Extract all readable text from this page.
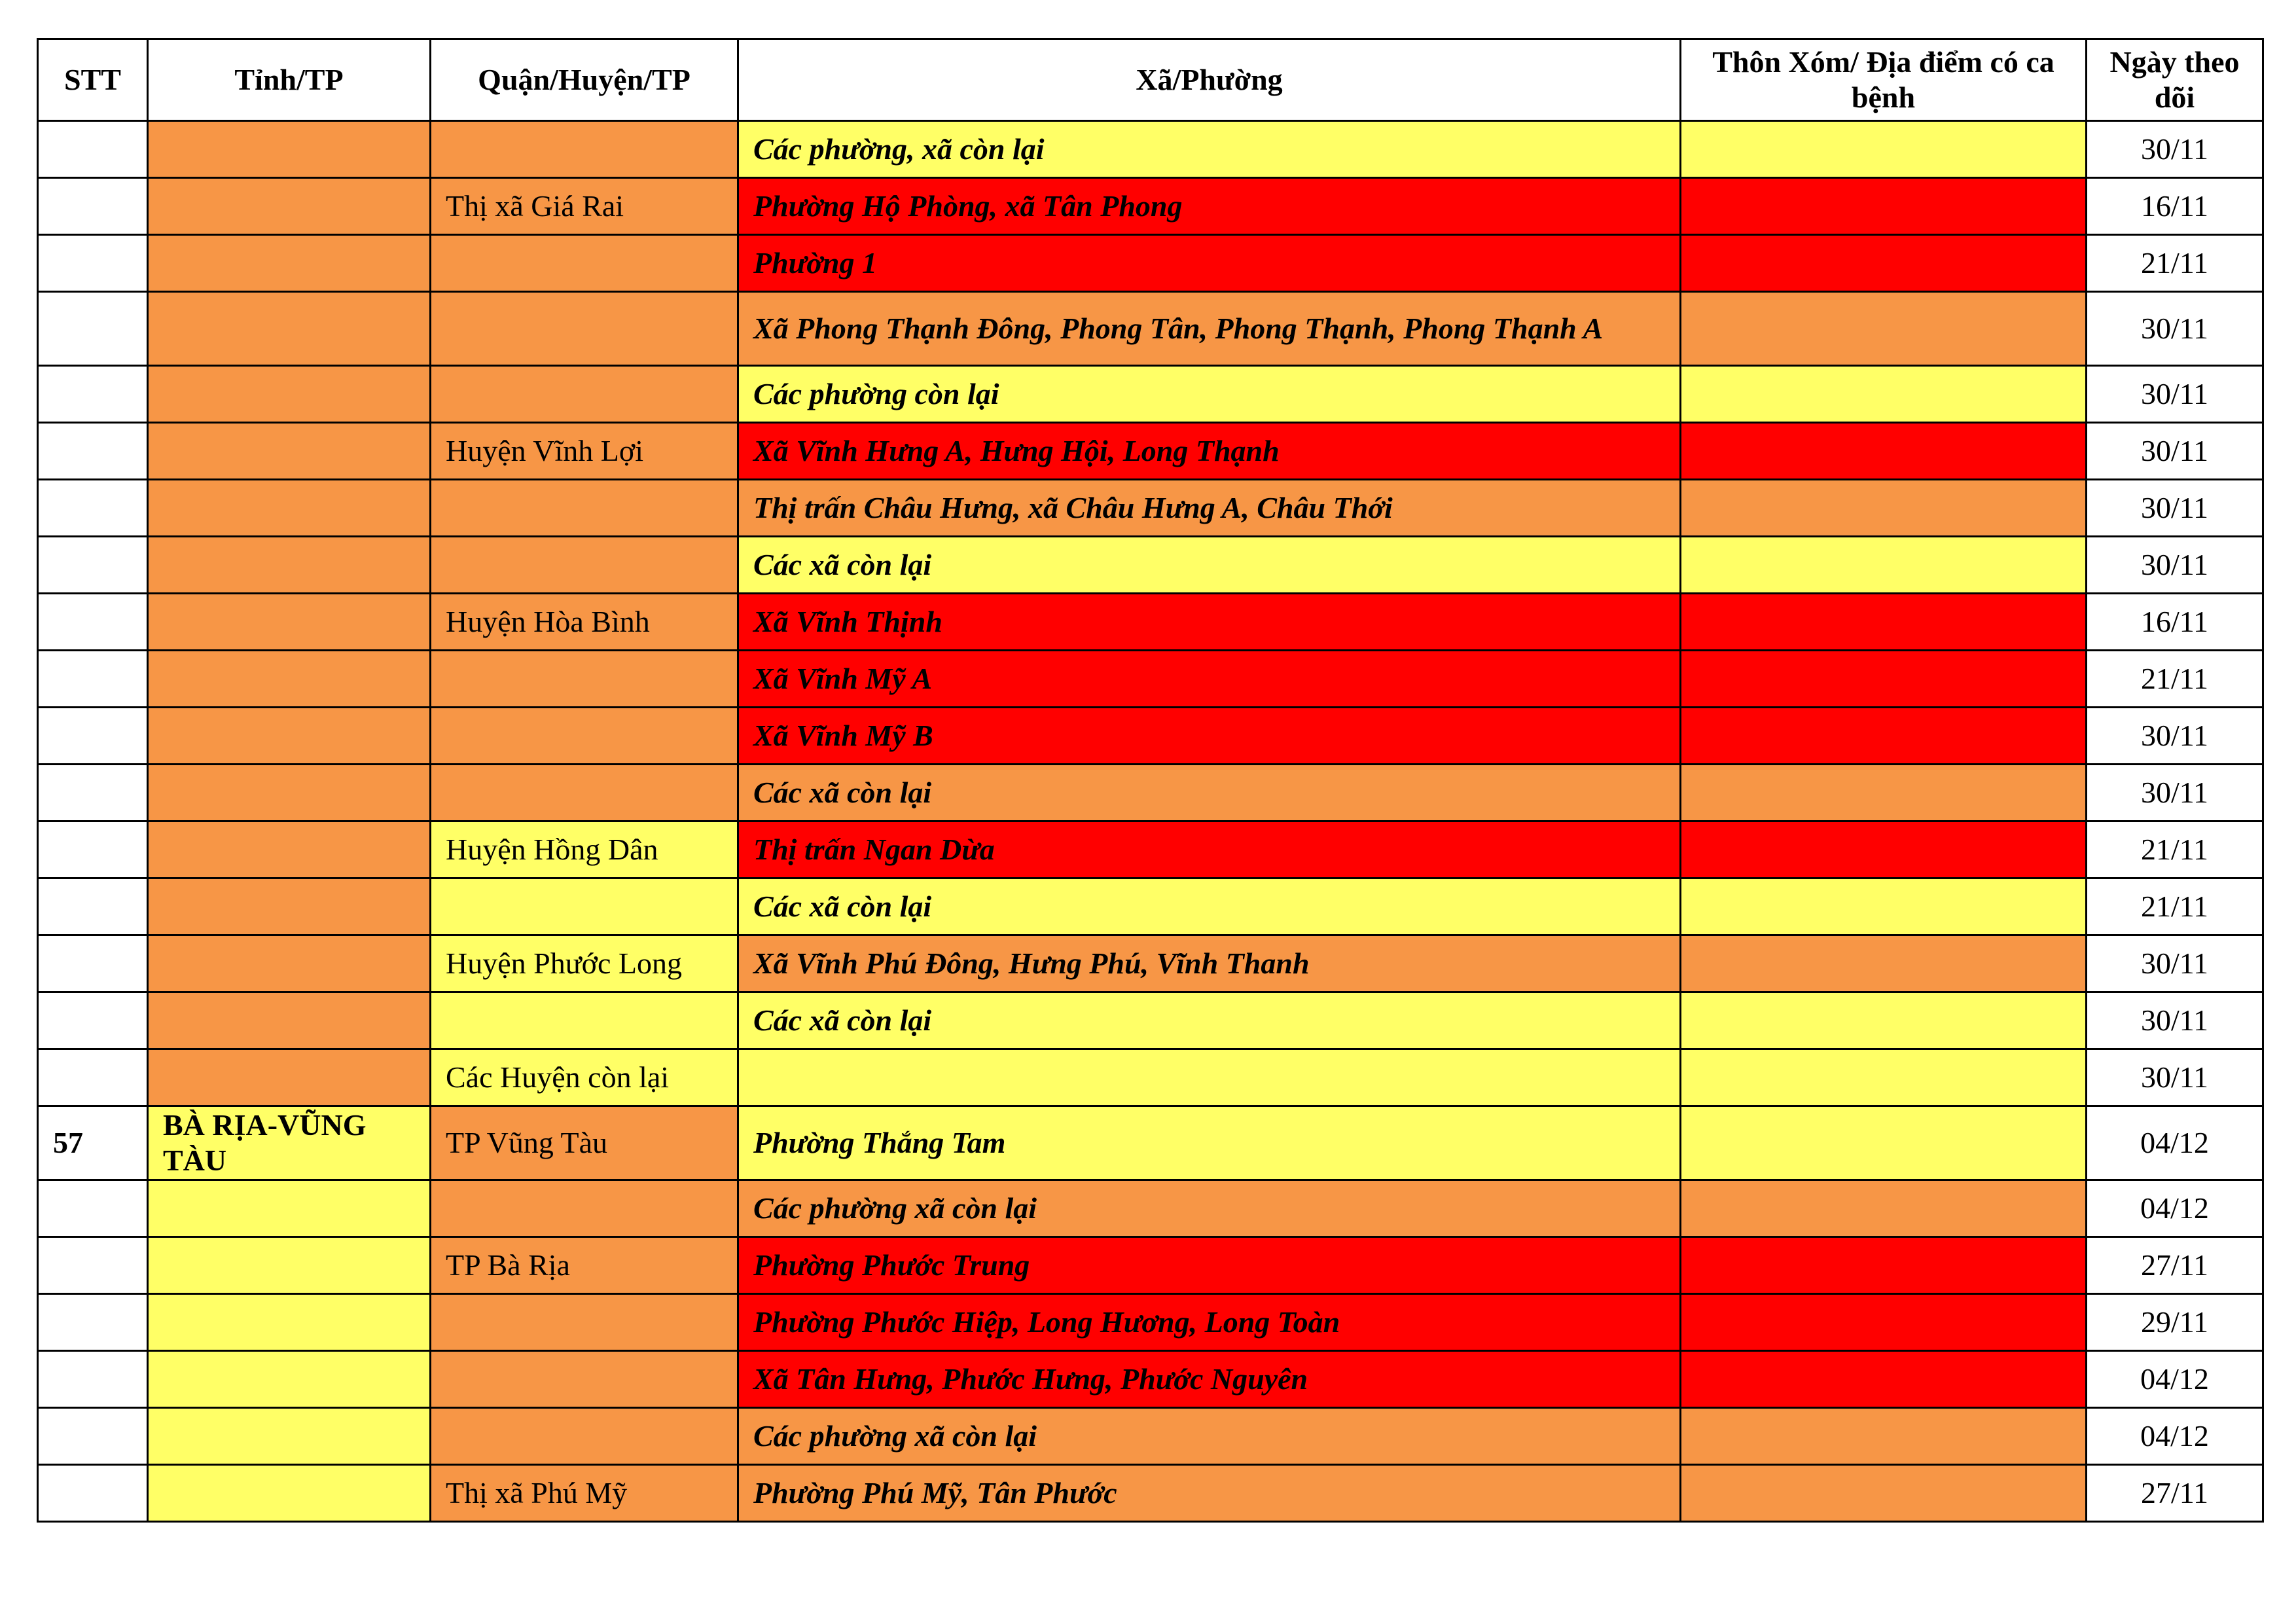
STT	Tỉnh/TP	Quận/Huyện/TP	Xã/Phường	Thôn Xóm/ Địa điểm có ca bệnh	Ngày theo dõi
			Các phường, xã còn lại		30/11
		Thị xã Giá Rai	Phường Hộ Phòng, xã Tân Phong		16/11
			Phường 1		21/11
			Xã Phong Thạnh Đông, Phong Tân, Phong Thạnh, Phong Thạnh A		30/11
			Các phường còn lại		30/11
		Huyện Vĩnh Lợi	Xã Vĩnh Hưng A, Hưng Hội, Long Thạnh		30/11
			Thị trấn Châu Hưng, xã Châu Hưng A, Châu Thới		30/11
			Các xã còn lại		30/11
		Huyện Hòa Bình	Xã Vĩnh Thịnh		16/11
			Xã Vĩnh Mỹ A		21/11
			Xã Vĩnh Mỹ B		30/11
			Các xã còn lại		30/11
		Huyện Hồng Dân	Thị trấn Ngan Dừa		21/11
			Các xã còn lại		21/11
		Huyện Phước Long	Xã Vĩnh Phú Đông, Hưng Phú, Vĩnh Thanh		30/11
			Các xã còn lại		30/11
		Các Huyện còn lại			30/11
57	BÀ RỊA-VŨNG TÀU	TP Vũng Tàu	Phường Thắng Tam		04/12
			Các phường xã còn lại		04/12
		TP Bà Rịa	Phường Phước Trung		27/11
			Phường Phước Hiệp, Long Hương, Long Toàn		29/11
			Xã Tân Hưng, Phước Hưng, Phước Nguyên		04/12
			Các phường xã còn lại		04/12
		Thị xã Phú Mỹ	Phường Phú Mỹ, Tân Phước		27/11
